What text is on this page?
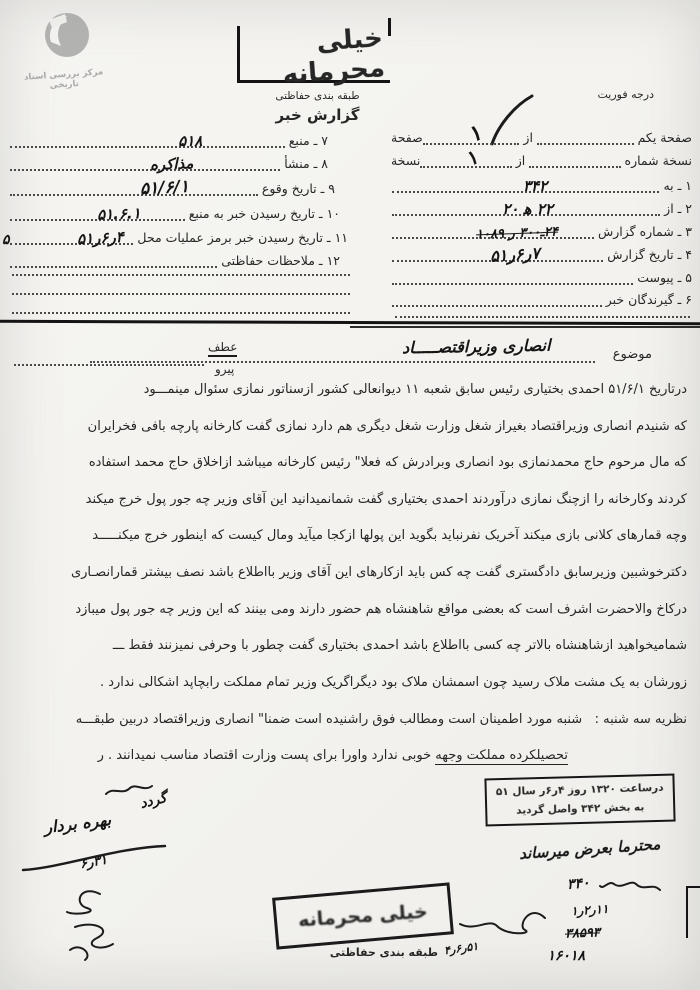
مرکز بررسی اسناد تاریخی
خیلی محرمانه
طبقه بندی حفاظتی
گزارش خبر
درجه فوریت
صفحة یکم
از
۱
صفحة
نسخة شماره
از
۱
نسخة
۱ ـ به
۳۴۲
۲ ـ از
۲۲ ﻫ ۲۰
۳ ـ شماره گزارش
۲۴ـ۳۰۰ ر ۱۰۸۹
۴ ـ تاریخ گزارش
۷ر۶ر۵۱
۵ ـ پیوست
۶ ـ گیرندگان خبر
۷ ـ منبع
۵۱۸
۸ ـ منشأ
مذاکره
۹ ـ تاریخ وقوع
۵۱/۶/۱
۱۰ ـ تاریخ رسیدن خبر به منبع
۵۱.۶.۱
۱۱ ـ تاریخ رسیدن خبر برمز عملیات محل
۴ر۶ر۵۱
۵
۱۲ ـ ملاحظات حفاظتی
موضوع
انصاری وزیراقتصـــــاد
عطف
پیرو
درتاریخ ۵۱/۶/۱ احمدی بختیاری رئیس سابق شعبه ۱۱ دیوانعالی کشور ازسناتور نمازی سئوال مینمـــود
که شنیدم انصاری وزیراقتصاد بغیراز شغل وزارت شغل دیگری هم دارد نمازی گفت کارخانه پارچه بافی فخرایران
که مال مرحوم حاج محمدنمازی بود انصاری وبرادرش که فعلا" رئیس کارخانه میباشد ازاخلاق حاج محمد استفاده
کردند وکارخانه را ازچنگ نمازی درآوردند احمدی بختیاری گفت شمانمیدانید این آقای وزیر چه جور پول خرج میکند
وچه قمارهای کلانی بازی میکند آخریک نفرنباید بگوید این پولها ازکجا میآید ومال کیست که اینطور خرج میکنـــــد
دکترخوشبین وزیرسابق دادگستری گفت چه کس باید ازکارهای این آقای وزیر بااطلاع باشد نصف بیشتر قمارانصـاری
درکاخ والاحضرت اشرف است که بعضی مواقع شاهنشاه هم حضور دارند ومی بینند که این وزیر چه جور پول میبازد
شمامیخواهید ازشاهنشاه بالاتر چه کسی بااطلاع باشد احمدی بختیاری گفت چطور با وحرفی نمیزنند فقط ـــ
زورشان به یک مشت ملاک رسید چون اسمشان ملاک بود دیگراگریک وزیر تمام مملکت رابچاپد اشکالی ندارد .
نظریه سه شنبه :   شنبه مورد اطمینان است ومطالب فوق راشنیده است ضمنا" انصاری وزیراقتصاد دربین طبقـــه
تحصیلکرده مملکت وجهه خوبی ندارد واورا برای پست وزارت اقتصاد مناسب نمیدانند . ر
گردد
بهره بردار
۳۱ر۶
درساعت ۱۳۲۰ روز ۴ر۶ر سال ۵۱
به بخش ۳۴۲ واصل گردید
محترما بعرض میرساند
۳۴۰
۱۱ر۲ر۱
۳۸۵۹۳
۱۶۰۱۸
۵۱ر۶ر۴
خیلی محرمانه
طبقه بندی حفاظتی
